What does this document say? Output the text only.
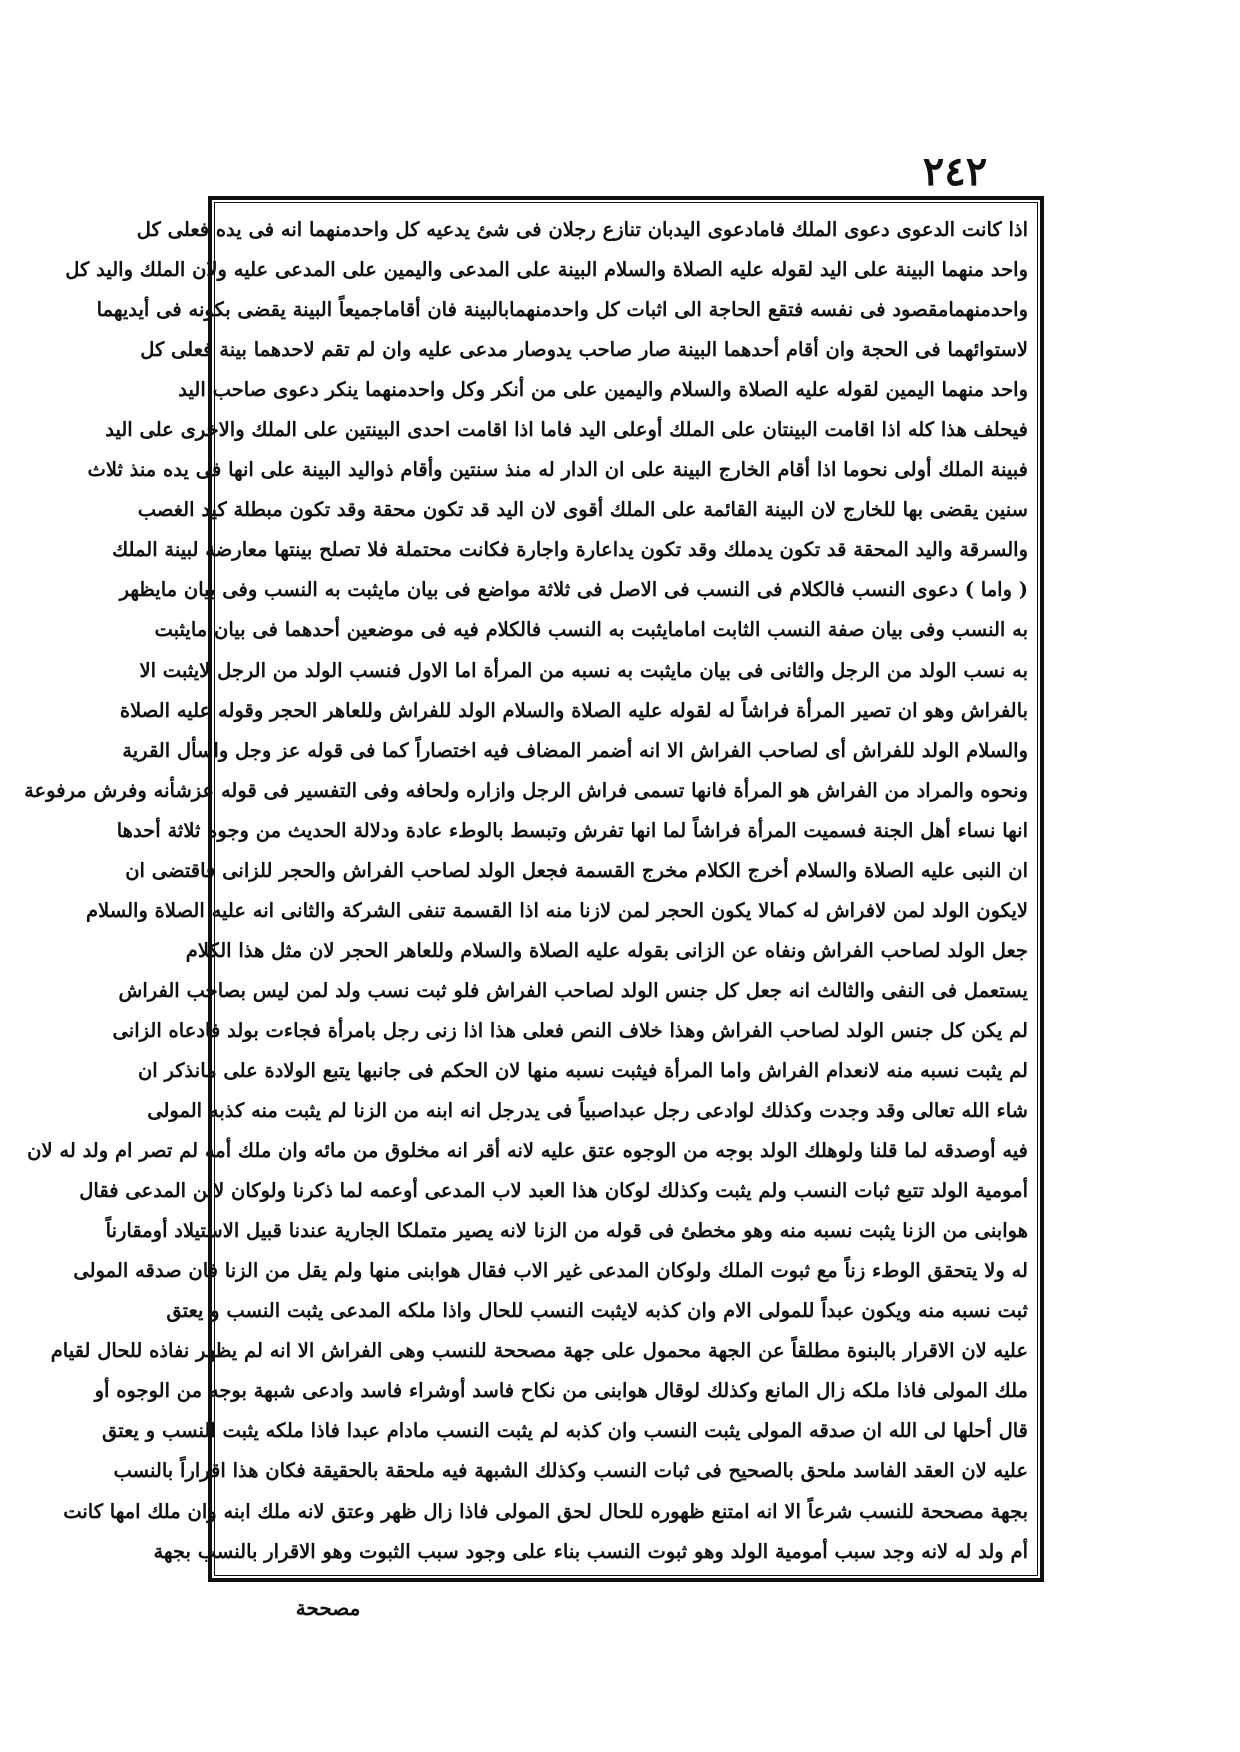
٢٤٢
اذا كانت الدعوى دعوى الملك فامادعوى اليدبان تنازع رجلان فى شئ يدعيه كل واحدمنهما انه فى يده فعلى كل
واحد منهما البينة على اليد لقوله عليه الصلاة والسلام البينة على المدعى واليمين على المدعى عليه ولان الملك واليد كل
واحدمنهمامقصود فى نفسه فتقع الحاجة الى اثبات كل واحدمنهمابالبينة فان أقاماجميعاً البينة يقضى بكونه فى أيديهما
لاستوائهما فى الحجة وان أقام أحدهما البينة صار صاحب يدوصار مدعى عليه وان لم تقم لاحدهما بينة فعلى كل
واحد منهما اليمين لقوله عليه الصلاة والسلام واليمين على من أنكر وكل واحدمنهما ينكر دعوى صاحب اليد
فيحلف هذا كله اذا اقامت البينتان على الملك أوعلى اليد فاما اذا اقامت احدى البينتين على الملك والاخرى على اليد
فبينة الملك أولى نحوما اذا أقام الخارج البينة على ان الدار له منذ سنتين وأقام ذواليد البينة على انها فى يده منذ ثلاث
سنين يقضى بها للخارج لان البينة القائمة على الملك أقوى لان اليد قد تكون محقة وقد تكون مبطلة كيد الغصب
والسرقة واليد المحقة قد تكون يدملك وقد تكون يداعارة واجارة فكانت محتملة فلا تصلح بينتها معارضة لبينة الملك
( واما ) دعوى النسب فالكلام فى النسب فى الاصل فى ثلاثة مواضع فى بيان مايثبت به النسب وفى بيان مايظهر
به النسب وفى بيان صفة النسب الثابت امامايثبت به النسب فالكلام فيه فى موضعين أحدهما فى بيان مايثبت
به نسب الولد من الرجل والثانى فى بيان مايثبت به نسبه من المرأة اما الاول فنسب الولد من الرجل لايثبت الا
بالفراش وهو ان تصير المرأة فراشاً له لقوله عليه الصلاة والسلام الولد للفراش وللعاهر الحجر وقوله عليه الصلاة
والسلام الولد للفراش أى لصاحب الفراش الا انه أضمر المضاف فيه اختصاراً كما فى قوله عز وجل واسأل القرية
ونحوه والمراد من الفراش هو المرأة فانها تسمى فراش الرجل وازاره ولحافه وفى التفسير فى قوله عزشأنه وفرش مرفوعة
انها نساء أهل الجنة فسميت المرأة فراشاً لما انها تفرش وتبسط بالوطء عادة ودلالة الحديث من وجوه ثلاثة أحدها
ان النبى عليه الصلاة والسلام أخرج الكلام مخرج القسمة فجعل الولد لصاحب الفراش والحجر للزانى فاقتضى ان
لايكون الولد لمن لافراش له كمالا يكون الحجر لمن لازنا منه اذا القسمة تنفى الشركة والثانى انه عليه الصلاة والسلام
جعل الولد لصاحب الفراش ونفاه عن الزانى بقوله عليه الصلاة والسلام وللعاهر الحجر لان مثل هذا الكلام
يستعمل فى النفى والثالث انه جعل كل جنس الولد لصاحب الفراش فلو ثبت نسب ولد لمن ليس بصاحب الفراش
لم يكن كل جنس الولد لصاحب الفراش وهذا خلاف النص فعلى هذا اذا زنى رجل بامرأة فجاءت بولد فادعاه الزانى
لم يثبت نسبه منه لانعدام الفراش واما المرأة فيثبت نسبه منها لان الحكم فى جانبها يتبع الولادة على مانذكر ان
شاء الله تعالى وقد وجدت وكذلك لوادعى رجل عبداصبياً فى يدرجل انه ابنه من الزنا لم يثبت منه كذبه المولى
فيه أوصدقه لما قلنا ولوهلك الولد بوجه من الوجوه عتق عليه لانه أقر انه مخلوق من مائه وان ملك أمه لم تصر ام ولد له لان
أمومية الولد تتبع ثبات النسب ولم يثبت وكذلك لوكان هذا العبد لاب المدعى أوعمه لما ذكرنا ولوكان لابن المدعى فقال
هوابنى من الزنا يثبت نسبه منه وهو مخطئ فى قوله من الزنا لانه يصير متملكا الجارية عندنا قبيل الاستيلاد أومقارناً
له ولا يتحقق الوطء زناً مع ثبوت الملك ولوكان المدعى غير الاب فقال هوابنى منها ولم يقل من الزنا فان صدقه المولى
ثبت نسبه منه ويكون عبداً للمولى الام وان كذبه لايثبت النسب للحال واذا ملكه المدعى يثبت النسب و يعتق
عليه لان الاقرار بالبنوة مطلقاً عن الجهة محمول على جهة مصححة للنسب وهى الفراش الا انه لم يظهر نفاذه للحال لقيام
ملك المولى فاذا ملكه زال المانع وكذلك لوقال هوابنى من نكاح فاسد أوشراء فاسد وادعى شبهة بوجه من الوجوه أو
قال أحلها لى الله ان صدقه المولى يثبت النسب وان كذبه لم يثبت النسب مادام عبدا فاذا ملكه يثبت النسب و يعتق
عليه لان العقد الفاسد ملحق بالصحيح فى ثبات النسب وكذلك الشبهة فيه ملحقة بالحقيقة فكان هذا اقراراً بالنسب
بجهة مصححة للنسب شرعاً الا انه امتنع ظهوره للحال لحق المولى فاذا زال ظهر وعتق لانه ملك ابنه وان ملك امها كانت
أم ولد له لانه وجد سبب أمومية الولد وهو ثبوت النسب بناء على وجود سبب الثبوت وهو الاقرار بالنسب بجهة
مصححة
